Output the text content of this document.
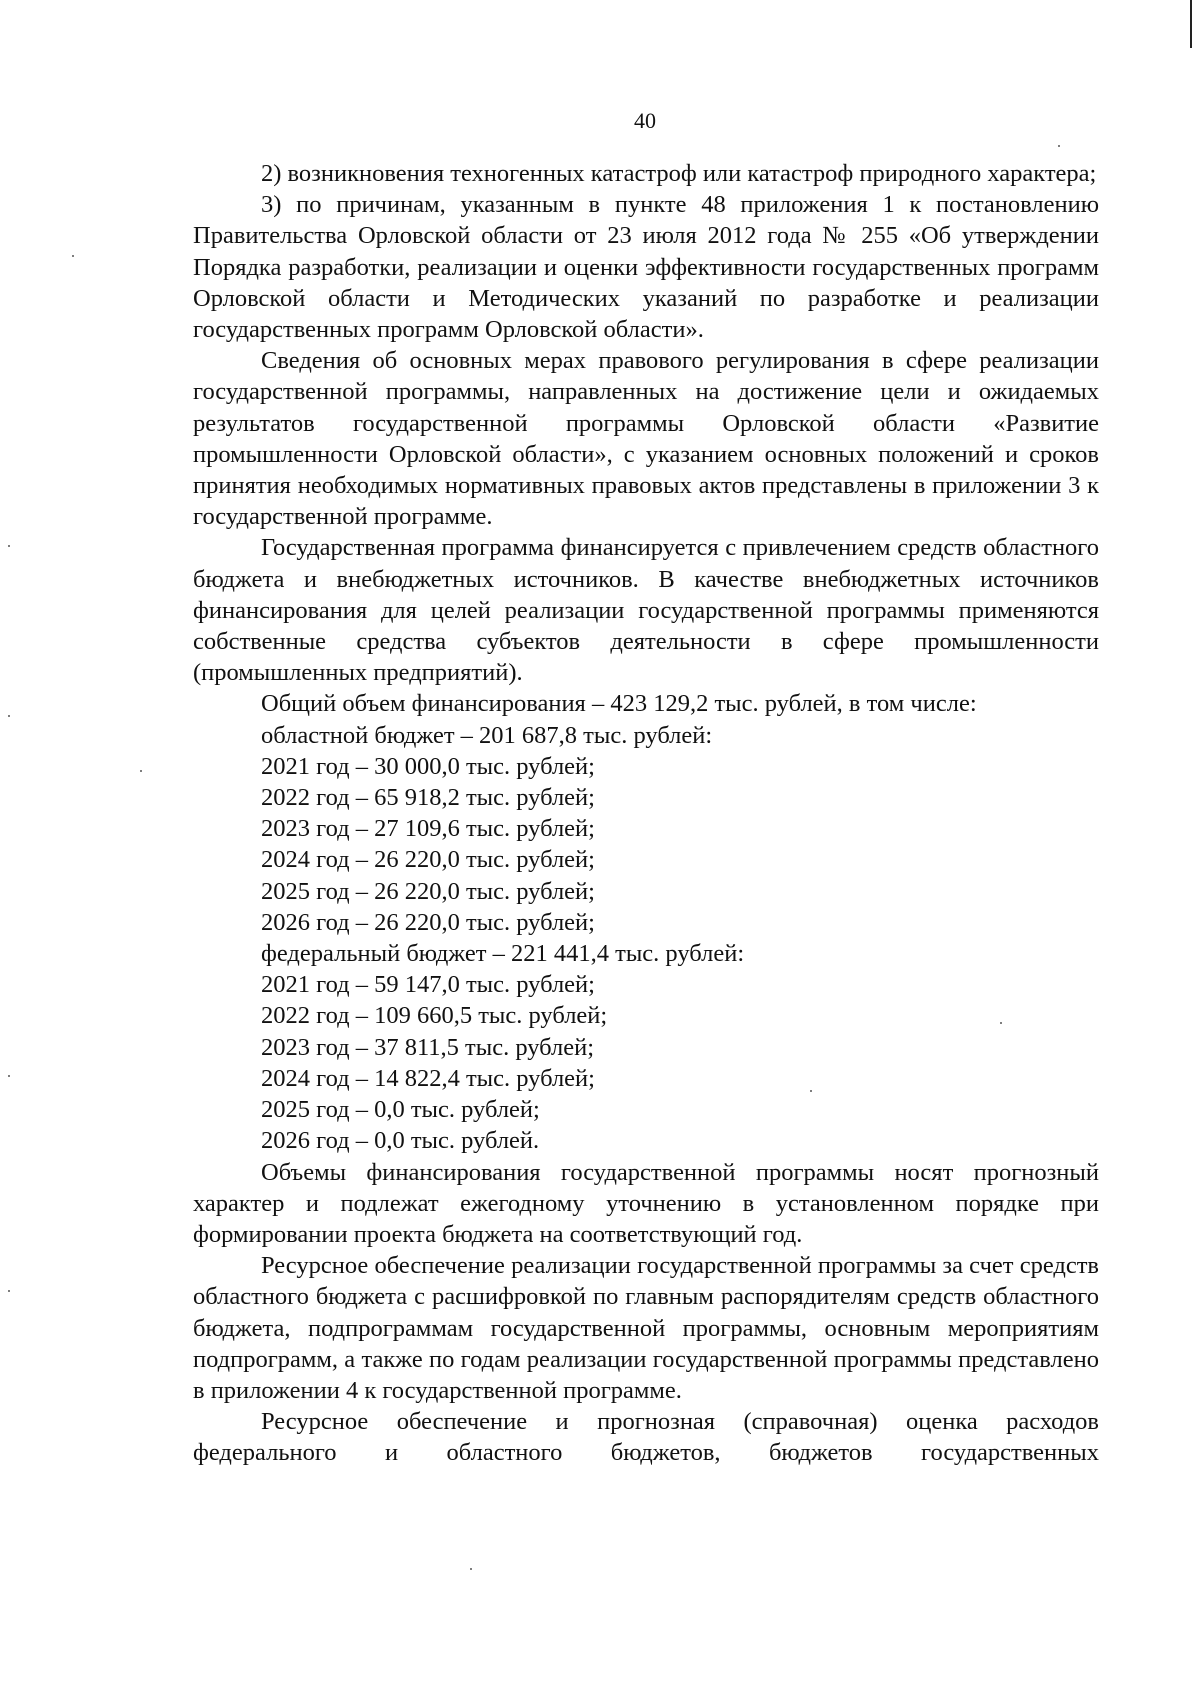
40

2) возникновения техногенных катастроф или катастроф природного характера;

3) по причинам, указанным в пункте 48 приложения 1 к постановлению Правительства Орловской области от 23 июля 2012 года № 255 «Об утверждении Порядка разработки, реализации и оценки эффективности государственных программ Орловской области и Методических указаний по разработке и реализации государственных программ Орловской области».

Сведения об основных мерах правового регулирования в сфере реализации государственной программы, направленных на достижение цели и ожидаемых результатов государственной программы Орловской области «Развитие промышленности Орловской области», с указанием основных положений и сроков принятия необходимых нормативных правовых актов представлены в приложении 3 к государственной программе.

Государственная программа финансируется с привлечением средств областного бюджета и внебюджетных источников. В качестве внебюджетных источников финансирования для целей реализации государственной программы применяются собственные средства субъектов деятельности в сфере промышленности (промышленных предприятий).

Общий объем финансирования – 423 129,2 тыс. рублей, в том числе:

областной бюджет – 201 687,8 тыс. рублей:

2021 год – 30 000,0 тыс. рублей;

2022 год – 65 918,2 тыс. рублей;

2023 год – 27 109,6 тыс. рублей;

2024 год – 26 220,0 тыс. рублей;

2025 год – 26 220,0 тыс. рублей;

2026 год – 26 220,0 тыс. рублей;

федеральный бюджет – 221 441,4 тыс. рублей:

2021 год – 59 147,0 тыс. рублей;

2022 год – 109 660,5 тыс. рублей;

2023 год – 37 811,5 тыс. рублей;

2024 год – 14 822,4 тыс. рублей;

2025 год – 0,0 тыс. рублей;

2026 год – 0,0 тыс. рублей.

Объемы финансирования государственной программы носят прогнозный характер и подлежат ежегодному уточнению в установленном порядке при формировании проекта бюджета на соответствующий год.

Ресурсное обеспечение реализации государственной программы за счет средств областного бюджета с расшифровкой по главным распорядителям средств областного бюджета, подпрограммам государственной программы, основным мероприятиям подпрограмм, а также по годам реализации государственной программы представлено в приложении 4 к государственной программе.

Ресурсное обеспечение и прогнозная (справочная) оценка расходов федерального и областного бюджетов, бюджетов государственных
